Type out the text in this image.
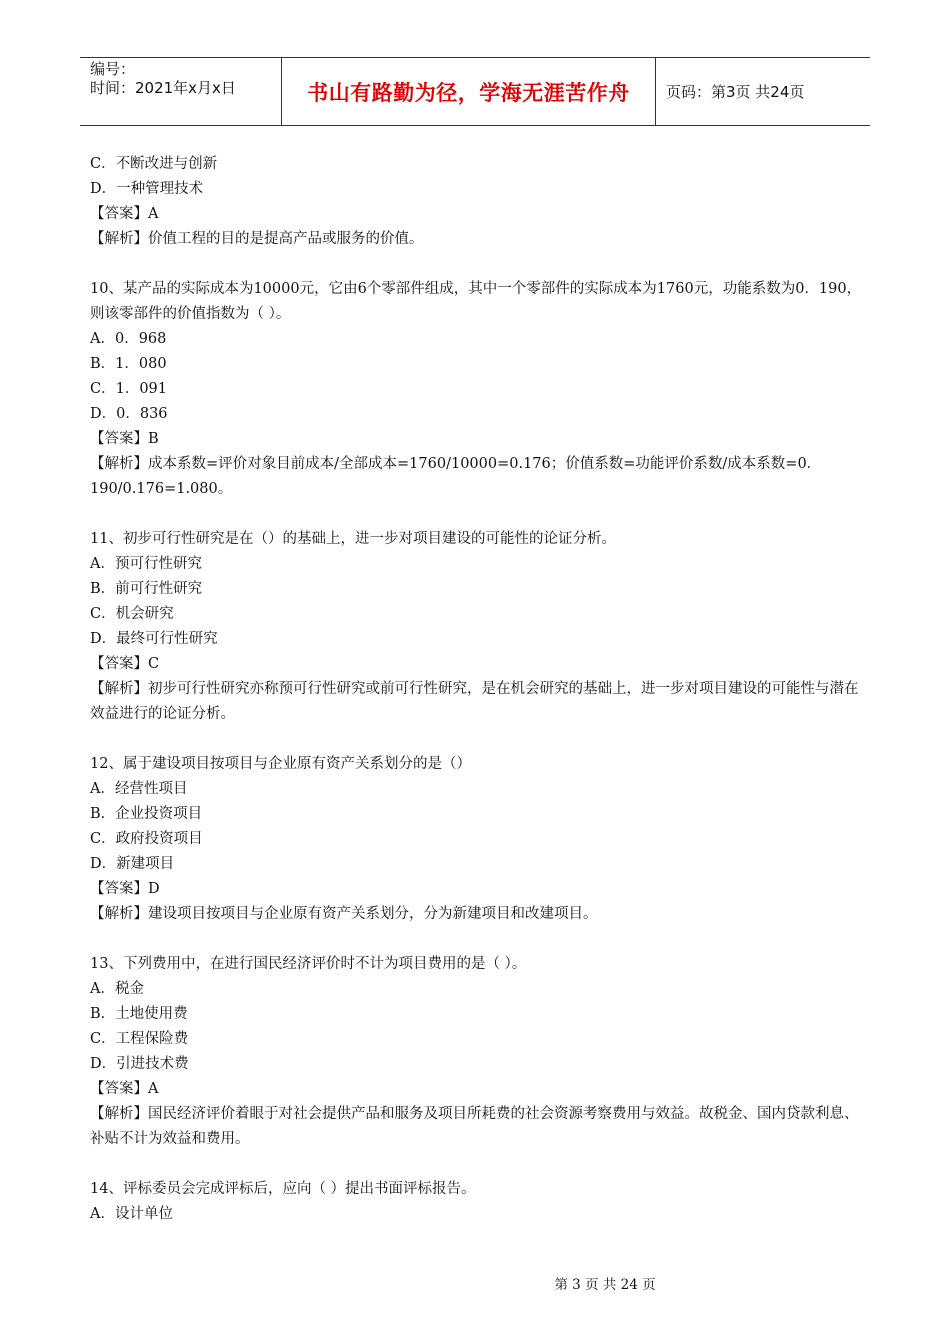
编号：
时间：2021年x月x日	书山有路勤为径，学海无涯苦作舟	页码：第3页 共24页
C．不断改进与创新
D．一种管理技术
【答案】A
【解析】价值工程的目的是提高产品或服务的价值。
10、某产品的实际成本为10000元，它由6个零部件组成，其中一个零部件的实际成本为1760元，功能系数为0．190，则该零部件的价值指数为（ ）。
A．0．968
B．1．080
C．1．091
D．0．836
【答案】B
【解析】成本系数=评价对象目前成本/全部成本=1760/10000=0.176；价值系数=功能评价系数/成本系数=0．190/0.176=1.080。
11、初步可行性研究是在（）的基础上，进一步对项目建设的可能性的论证分析。
A．预可行性研究
B．前可行性研究
C．机会研究
D．最终可行性研究
【答案】C
【解析】初步可行性研究亦称预可行性研究或前可行性研究，是在机会研究的基础上，进一步对项目建设的可能性与潜在效益进行的论证分析。
12、属于建设项目按项目与企业原有资产关系划分的是（）
A．经营性项目
B．企业投资项目
C．政府投资项目
D．新建项目
【答案】D
【解析】建设项目按项目与企业原有资产关系划分，分为新建项目和改建项目。
13、下列费用中，在进行国民经济评价时不计为项目费用的是（ ）。
A．税金
B．土地使用费
C．工程保险费
D．引进技术费
【答案】A
【解析】国民经济评价着眼于对社会提供产品和服务及项目所耗费的社会资源考察费用与效益。故税金、国内贷款利息、补贴不计为效益和费用。
14、评标委员会完成评标后，应向（ ）提出书面评标报告。
A．设计单位
第 3 页 共 24 页
